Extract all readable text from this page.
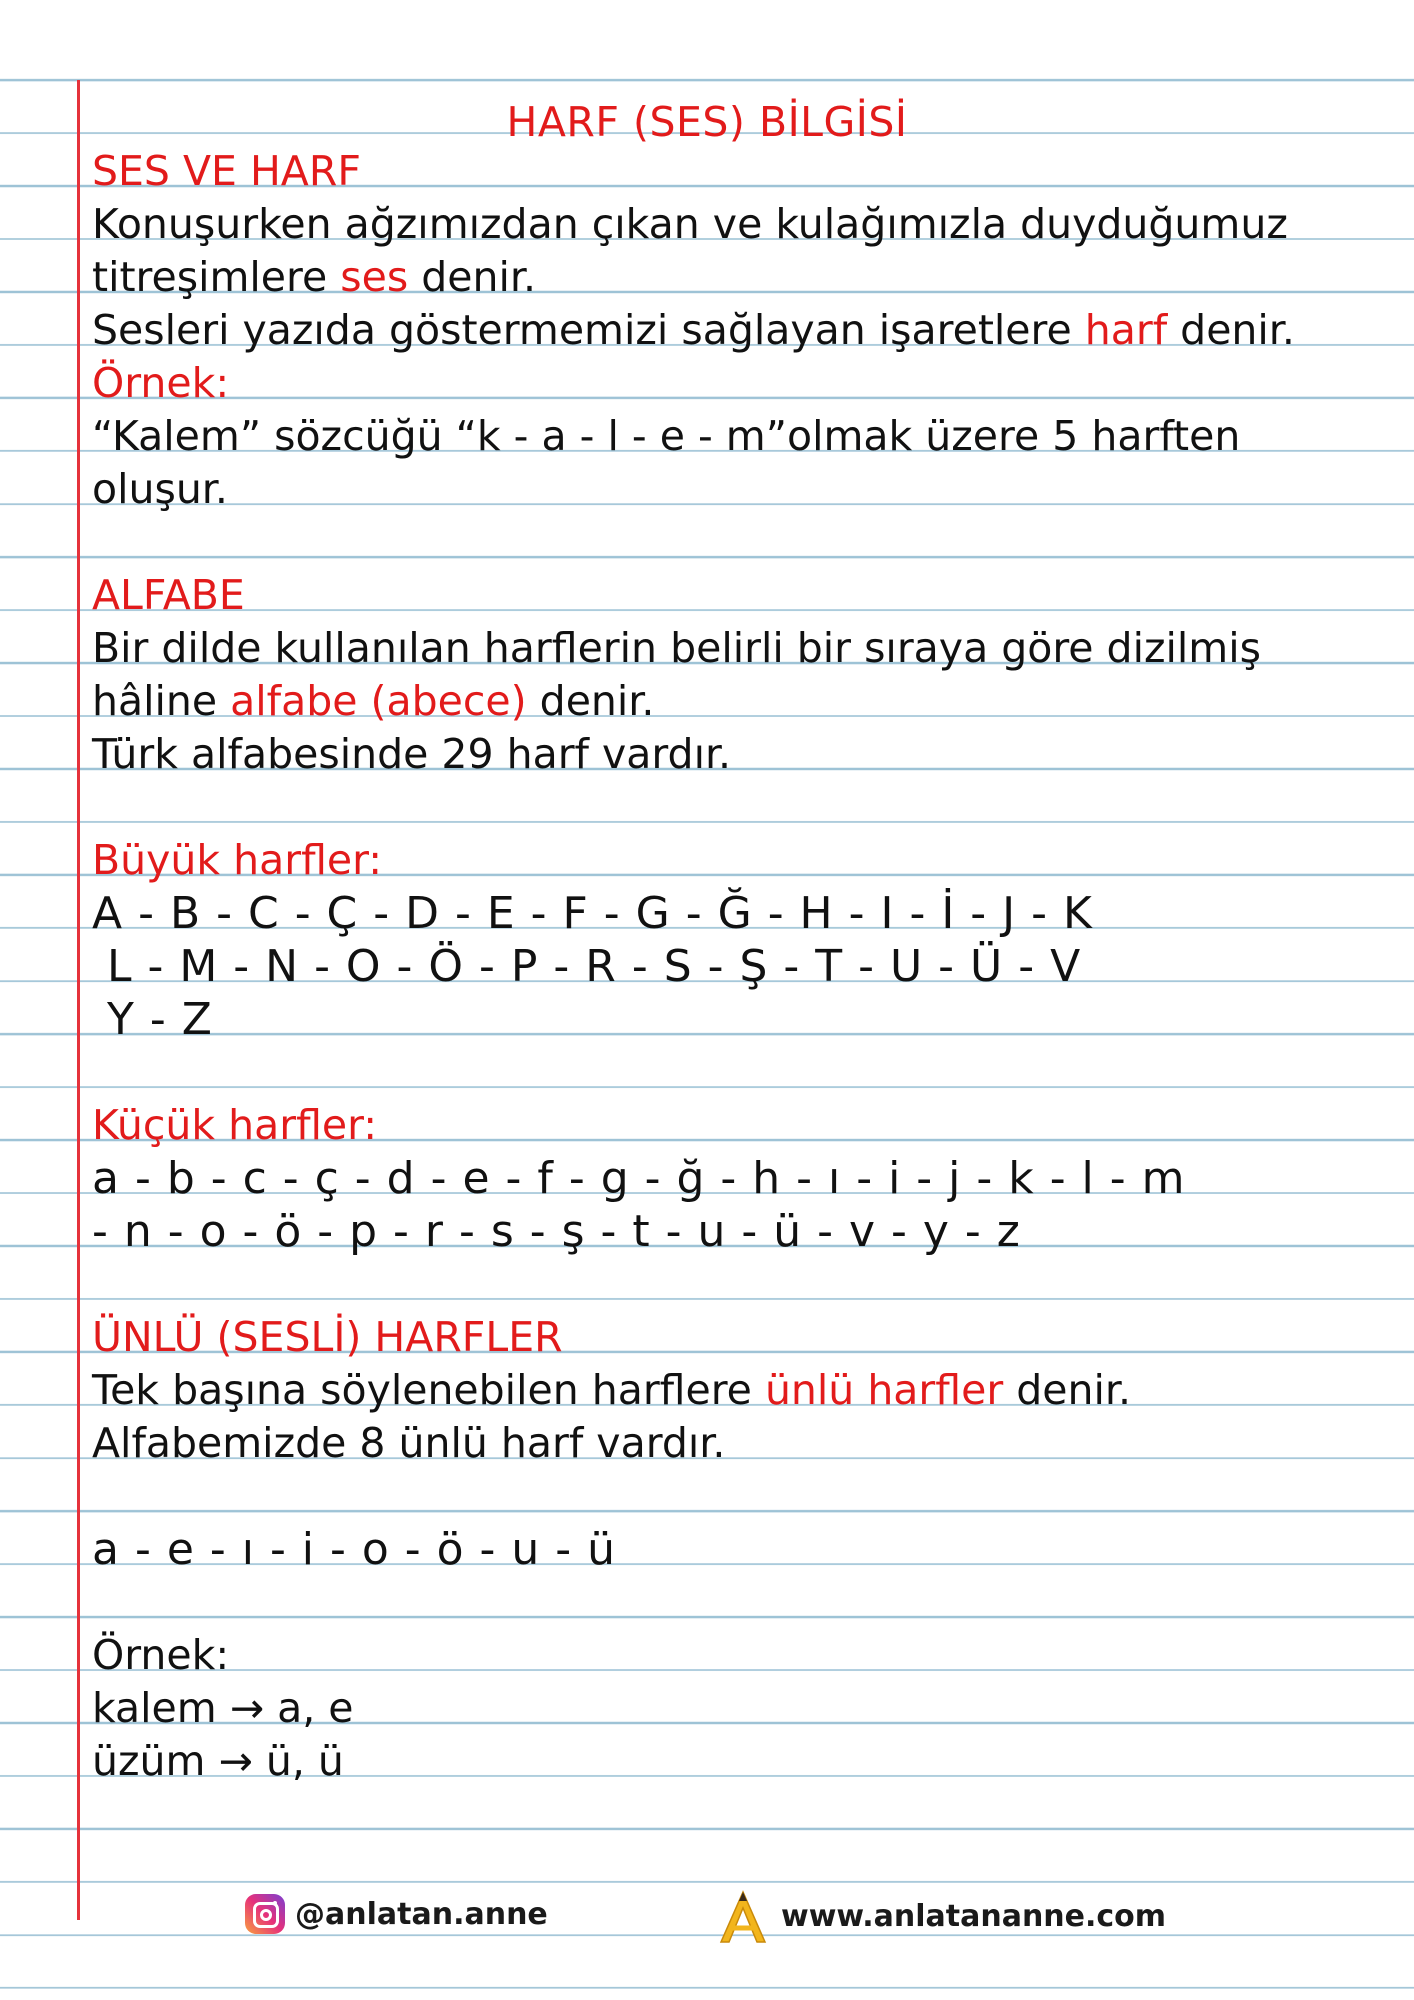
HARF (SES) BİLGİSİ
SES VE HARF
Konuşurken ağzımızdan çıkan ve kulağımızla duyduğumuz
titreşimlere ses denir.
Sesleri yazıda göstermemizi sağlayan işaretlere harf denir.
Örnek:
“Kalem” sözcüğü “k - a - l - e - m”olmak üzere 5 harften
oluşur.
ALFABE
Bir dilde kullanılan harflerin belirli bir sıraya göre dizilmiş
hâline alfabe (abece) denir.
Türk alfabesinde 29 harf vardır.
Büyük harfler:
A - B - C - Ç - D - E - F - G - Ğ - H - I - İ - J - K
L - M - N - O - Ö - P - R - S - Ş - T - U - Ü - V
Y - Z
Küçük harfler:
a - b - c - ç - d - e - f - g - ğ - h - ı - i - j - k - l - m
- n - o - ö - p - r - s - ş - t - u - ü - v - y - z
ÜNLÜ (SESLİ) HARFLER
Tek başına söylenebilen harflere ünlü harfler denir.
Alfabemizde 8 ünlü harf vardır.
a - e - ı - i - o - ö - u - ü
Örnek:
kalem → a, e
üzüm → ü, ü
@anlatan.anne	www.anlatananne.com
